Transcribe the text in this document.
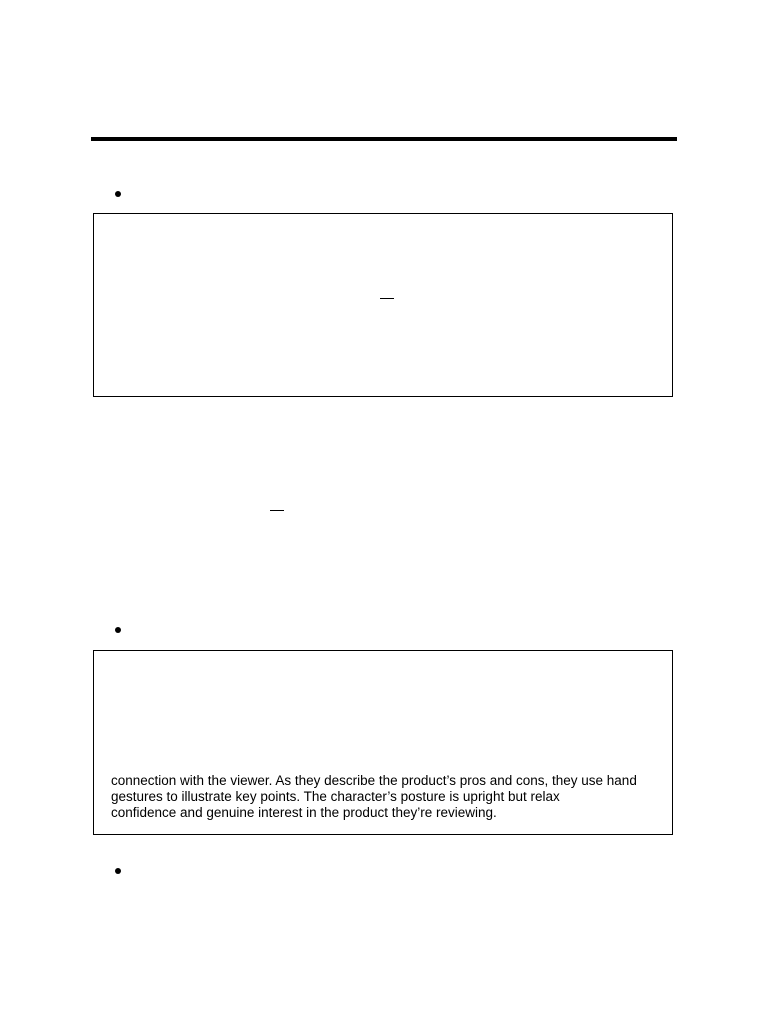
connection with the viewer. As they describe the product’s pros and cons, they use hand
gestures to illustrate key points. The character’s posture is upright but relax
confidence and genuine interest in the product they’re reviewing.
